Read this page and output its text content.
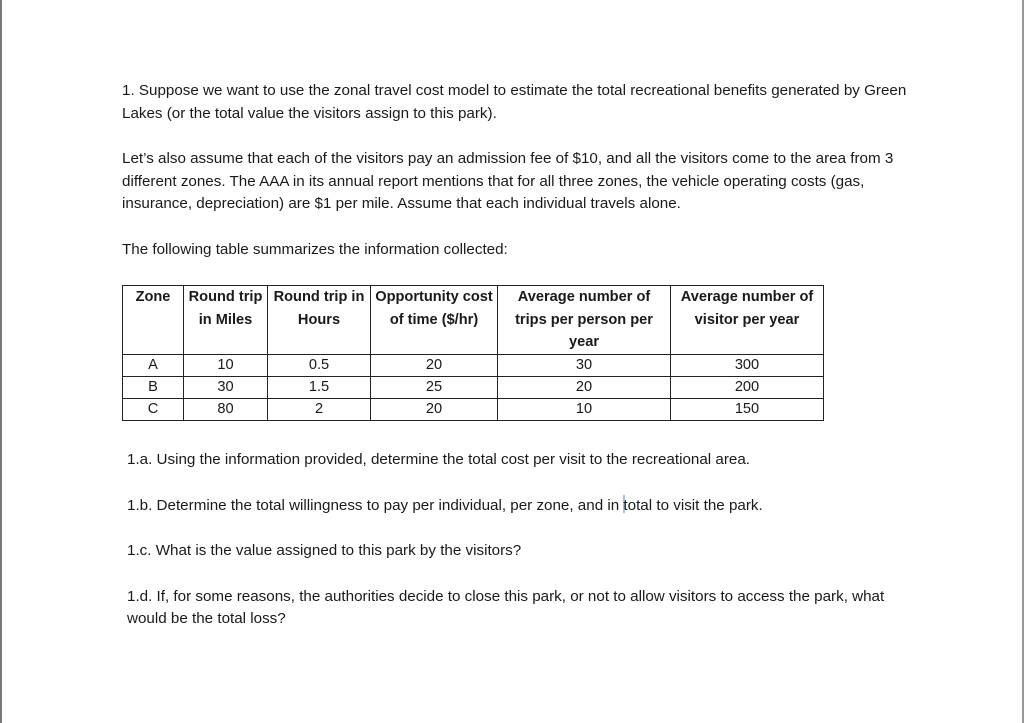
1. Suppose we want to use the zonal travel cost model to estimate the total recreational benefits generated by Green Lakes (or the total value the visitors assign to this park).

Let’s also assume that each of the visitors pay an admission fee of $10, and all the visitors come to the area from 3 different zones. The AAA in its annual report mentions that for all three zones, the vehicle operating costs (gas, insurance, depreciation) are $1 per mile. Assume that each individual travels alone.

The following table summarizes the information collected:

Zone	Round trip in Miles	Round trip in Hours	Opportunity cost of time ($/hr)	Average number of trips per person per year	Average number of visitor per year
A	10	0.5	20	30	300
B	30	1.5	25	20	200
C	80	2	20	10	150

1.a. Using the information provided, determine the total cost per visit to the recreational area.

1.b. Determine the total willingness to pay per individual, per zone, and in total to visit the park.

1.c. What is the value assigned to this park by the visitors?

1.d. If, for some reasons, the authorities decide to close this park, or not to allow visitors to access the park, what would be the total loss?
